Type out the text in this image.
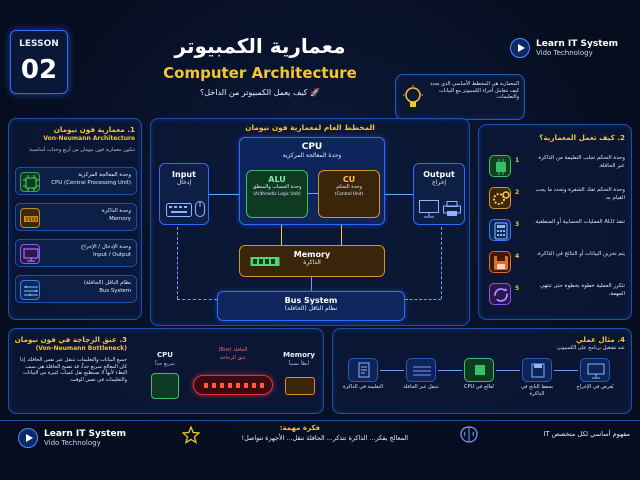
LESSON
02
معمارية الكمبيوتر
Computer Architecture
🚀 كيف يعمل الكمبيوتر من الداخل؟
Learn IT System
Vido Technology
المعمارية هي المخطط الأساسي الذي يحدد كيف تتعامل أجزاء الكمبيوتر مع البيانات والتعليمات.
1. معمارية فون نيومان
Von-Neumann Architecture
تتكون معمارية فون نيومان من أربع وحدات أساسية:
وحدة المعالجة المركزية
CPU (Central Processing Unit)
وحدة الذاكرة
Memory
وحدة الإدخال / الإخراج
Input / Output
نظام الناقل (الحافلة)
Bus System
المخطط العام لمعمارية فون نيومان
CPU
وحدة المعالجة المركزية
ALU
وحدة الحساب والمنطق
(Arithmetic Logic Unit)
CU
وحدة التحكم
(Control Unit)
Input
إدخال
Output
إخراج
Memory
الذاكرة
Bus System
نظام الناقل (الحافلة)
2. كيف تعمل المعمارية؟
1	وحدة التحكم تجلب التعليمة من الذاكرة عبر الحافلة.
2	وحدة التحكم تفك الشفرة وتحدد ما يجب القيام به.
3	تنفذ ALU العمليات الحسابية أو المنطقية.
4	يتم تخزين البيانات أو النتائج في الذاكرة.
5	تتكرر العملية خطوة بخطوة حتى تنتهي المهمة.
3. عنق الزجاجة في فون نيومان
(Von-Neumann Bottleneck)
جميع البيانات والتعليمات تتنقل عبر نفس الحافلة. إذا كان المعالج سريع جداً، قد تصبح الحافلة هي سبب البطء لأنها لا تستطيع نقل كميات كبيرة من البيانات والتعليمات في نفس الوقت.
CPU
سريع جداً
الحافلة (Bus)
عنق الزجاجة	Memory
أبطأ نسبياً
4. مثال عملي
عند تشغيل برنامج على الكمبيوتر:
التعليمة في الذاكرة	تنتقل عبر الحافلة	تُعالج في CPU	يحفظ الناتج في الذاكرة
يُعرض في الإخراج
Learn IT System
Vido Technology
فكرة مهمة:
المعالج يفكر... الذاكرة تتذكر... الحافلة تنقل... الأجهزة تتواصل!	مفهوم أساسي لكل متخصص IT
